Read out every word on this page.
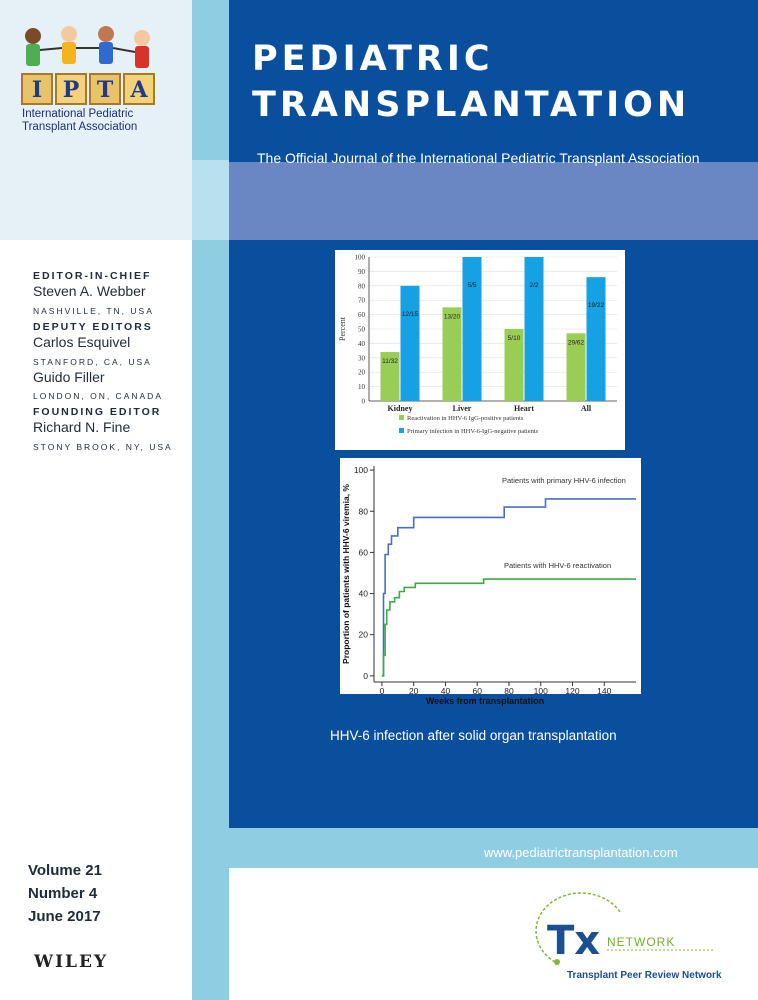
I P T A
International Pediatric
Transplant Association
PEDIATRIC
TRANSPLANTATION

The Official Journal of the International Pediatric Transplant Association

EDITOR-IN-CHIEF
Steven A. Webber
NASHVILLE, TN, USA
DEPUTY EDITORS
Carlos Esquivel
STANFORD, CA, USA
Guido Filler
LONDON, ON, CANADA
FOUNDING EDITOR
Richard N. Fine
STONY BROOK, NY, USA
0
10
20
30
40
50
60
70
80
90
100
Percent
Kidney	Liver	Heart	All
11/32
12/15	13/20
5/5
5/10
2/2
29/62
19/22
Reactivation in HHV-6 IgG-positive patients
Primary infection in HHV-6-IgG-negative patients
0
20
40
60
80
100
0	20	40	60	80 100 120 140
Weeks from transplantation
Proportion of patients with HHV-6 viremia, %
Patients with primary HHV-6 infection
Patients with HHV-6 reactivation
HHV-6 infection after solid organ transplantation
www.pediatrictransplantation.com
Volume 21
Number 4
June 2017
WILEY	Tx NETWORK
Transplant Peer Review Network
